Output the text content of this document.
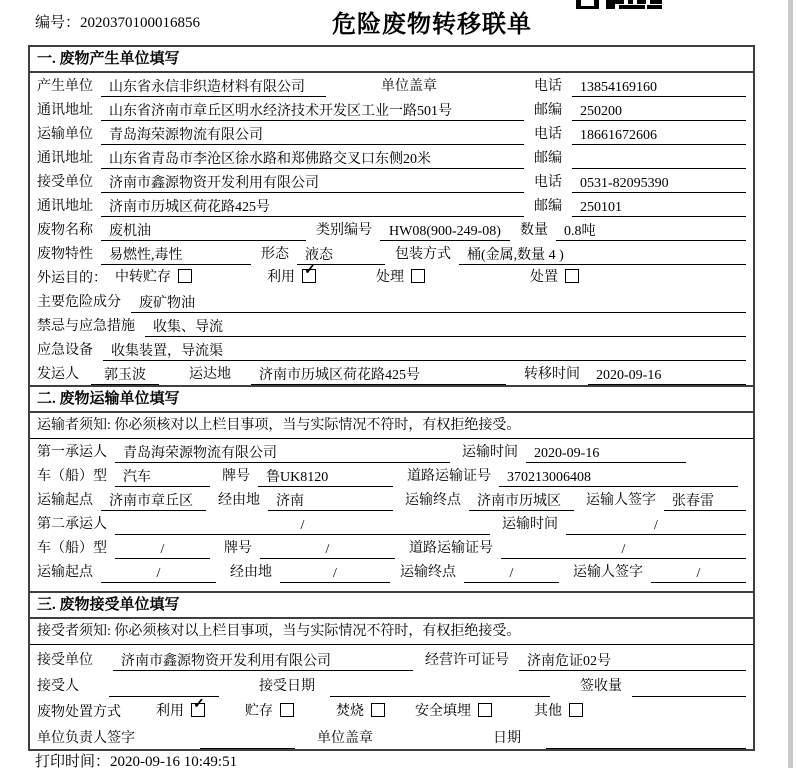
编号：2020370100016856	危险废物转移联单
一. 废物产生单位填写
产生单位	山东省永信非织造材料有限公司	单位盖章	电话	13854169160
通讯地址	山东省济南市章丘区明水经济技术开发区工业一路501号	邮编	250200
运输单位	青岛海荣源物流有限公司	电话	18661672606
通讯地址	山东省青岛市李沧区徐水路和郑佛路交叉口东侧20米	邮编
接受单位	济南市鑫源物资开发利用有限公司	电话	0531-82095390
通讯地址	济南市历城区荷花路425号	邮编	250101
废物名称	废机油	类别编号	HW08(900-249-08)	数量	0.8吨
废物特性	易燃性,毒性	形态	液态	包装方式	桶(金属,数量 4 )
外运目的： 中转贮存	利用 ✓	处理	处置
主要危险成分	废矿物油
禁忌与应急措施	收集、导流
应急设备	收集装置，导流渠
发运人	郭玉波	运达地	济南市历城区荷花路425号	转移时间	2020-09-16
二. 废物运输单位填写
运输者须知: 你必须核对以上栏目事项，当与实际情况不符时，有权拒绝接受。
第一承运人	青岛海荣源物流有限公司	运输时间	2020-09-16
车（船）型	汽车	牌号	鲁UK8120	道路运输证号	370213006408
运输起点	济南市章丘区	经由地	济南	运输终点	济南市历城区	运输人签字	张春雷
第二承运人	/	运输时间	/
车（船）型	/	牌号	/	道路运输证号	/
运输起点	/	经由地	/	运输终点	/	运输人签字	/
三. 废物接受单位填写
接受者须知: 你必须核对以上栏目事项，当与实际情况不符时，有权拒绝接受。
接受单位	济南市鑫源物资开发利用有限公司	经营许可证号	济南危证02号
接受人	接受日期	签收量
废物处置方式	利用 ✓	贮存	焚烧	安全填埋	其他
单位负责人签字	单位盖章	日期
打印时间：2020-09-16 10:49:51
